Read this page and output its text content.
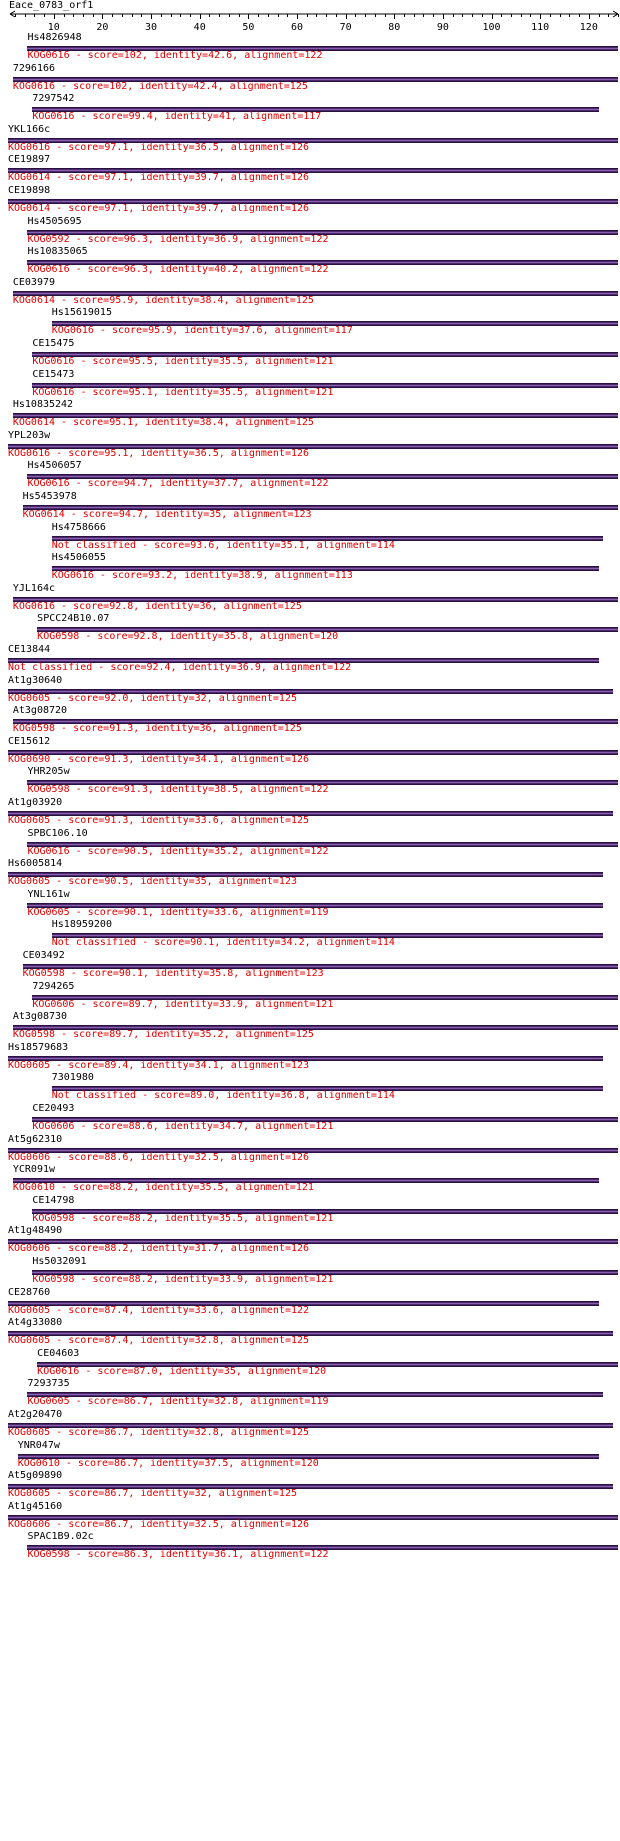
Eace_0783_orf1
10	20	30	40	50	60	70	80	90	100	110	120
Hs4826948
KOG0616 - score=102, identity=42.6, alignment=122
7296166
KOG0616 - score=102, identity=42.4, alignment=125
7297542
KOG0616 - score=99.4, identity=41, alignment=117
YKL166c
KOG0616 - score=97.1, identity=36.5, alignment=126
CE19897
KOG0614 - score=97.1, identity=39.7, alignment=126
CE19898
KOG0614 - score=97.1, identity=39.7, alignment=126
Hs4505695
KOG0592 - score=96.3, identity=36.9, alignment=122
Hs10835065
KOG0616 - score=96.3, identity=40.2, alignment=122
CE03979
KOG0614 - score=95.9, identity=38.4, alignment=125
Hs15619015
KOG0616 - score=95.9, identity=37.6, alignment=117
CE15475
KOG0616 - score=95.5, identity=35.5, alignment=121
CE15473
KOG0616 - score=95.1, identity=35.5, alignment=121
Hs10835242
KOG0614 - score=95.1, identity=38.4, alignment=125
YPL203w
KOG0616 - score=95.1, identity=36.5, alignment=126
Hs4506057
KOG0616 - score=94.7, identity=37.7, alignment=122
Hs5453978
KOG0614 - score=94.7, identity=35, alignment=123
Hs4758666
Not classified - score=93.6, identity=35.1, alignment=114
Hs4506055
KOG0616 - score=93.2, identity=38.9, alignment=113
YJL164c
KOG0616 - score=92.8, identity=36, alignment=125
SPCC24B10.07
KOG0598 - score=92.8, identity=35.8, alignment=120
CE13844
Not classified - score=92.4, identity=36.9, alignment=122
At1g30640
KOG0605 - score=92.0, identity=32, alignment=125
At3g08720
KOG0598 - score=91.3, identity=36, alignment=125
CE15612
KOG0690 - score=91.3, identity=34.1, alignment=126
YHR205w
KOG0598 - score=91.3, identity=38.5, alignment=122
At1g03920
KOG0605 - score=91.3, identity=33.6, alignment=125
SPBC106.10
KOG0616 - score=90.5, identity=35.2, alignment=122
Hs6005814
KOG0605 - score=90.5, identity=35, alignment=123
YNL161w
KOG0605 - score=90.1, identity=33.6, alignment=119
Hs18959200
Not classified - score=90.1, identity=34.2, alignment=114
CE03492
KOG0598 - score=90.1, identity=35.8, alignment=123
7294265
KOG0606 - score=89.7, identity=33.9, alignment=121
At3g08730
KOG0598 - score=89.7, identity=35.2, alignment=125
Hs18579683
KOG0605 - score=89.4, identity=34.1, alignment=123
7301980
Not classified - score=89.0, identity=36.8, alignment=114
CE20493
KOG0606 - score=88.6, identity=34.7, alignment=121
At5g62310
KOG0606 - score=88.6, identity=32.5, alignment=126
YCR091w
KOG0610 - score=88.2, identity=35.5, alignment=121
CE14798
KOG0598 - score=88.2, identity=35.5, alignment=121
At1g48490
KOG0606 - score=88.2, identity=31.7, alignment=126
Hs5032091
KOG0598 - score=88.2, identity=33.9, alignment=121
CE28760
KOG0605 - score=87.4, identity=33.6, alignment=122
At4g33080
KOG0605 - score=87.4, identity=32.8, alignment=125
CE04603
KOG0616 - score=87.0, identity=35, alignment=120
7293735
KOG0605 - score=86.7, identity=32.8, alignment=119
At2g20470
KOG0605 - score=86.7, identity=32.8, alignment=125
YNR047w
KOG0610 - score=86.7, identity=37.5, alignment=120
At5g09890
KOG0605 - score=86.7, identity=32, alignment=125
At1g45160
KOG0606 - score=86.7, identity=32.5, alignment=126
SPAC1B9.02c
KOG0598 - score=86.3, identity=36.1, alignment=122
